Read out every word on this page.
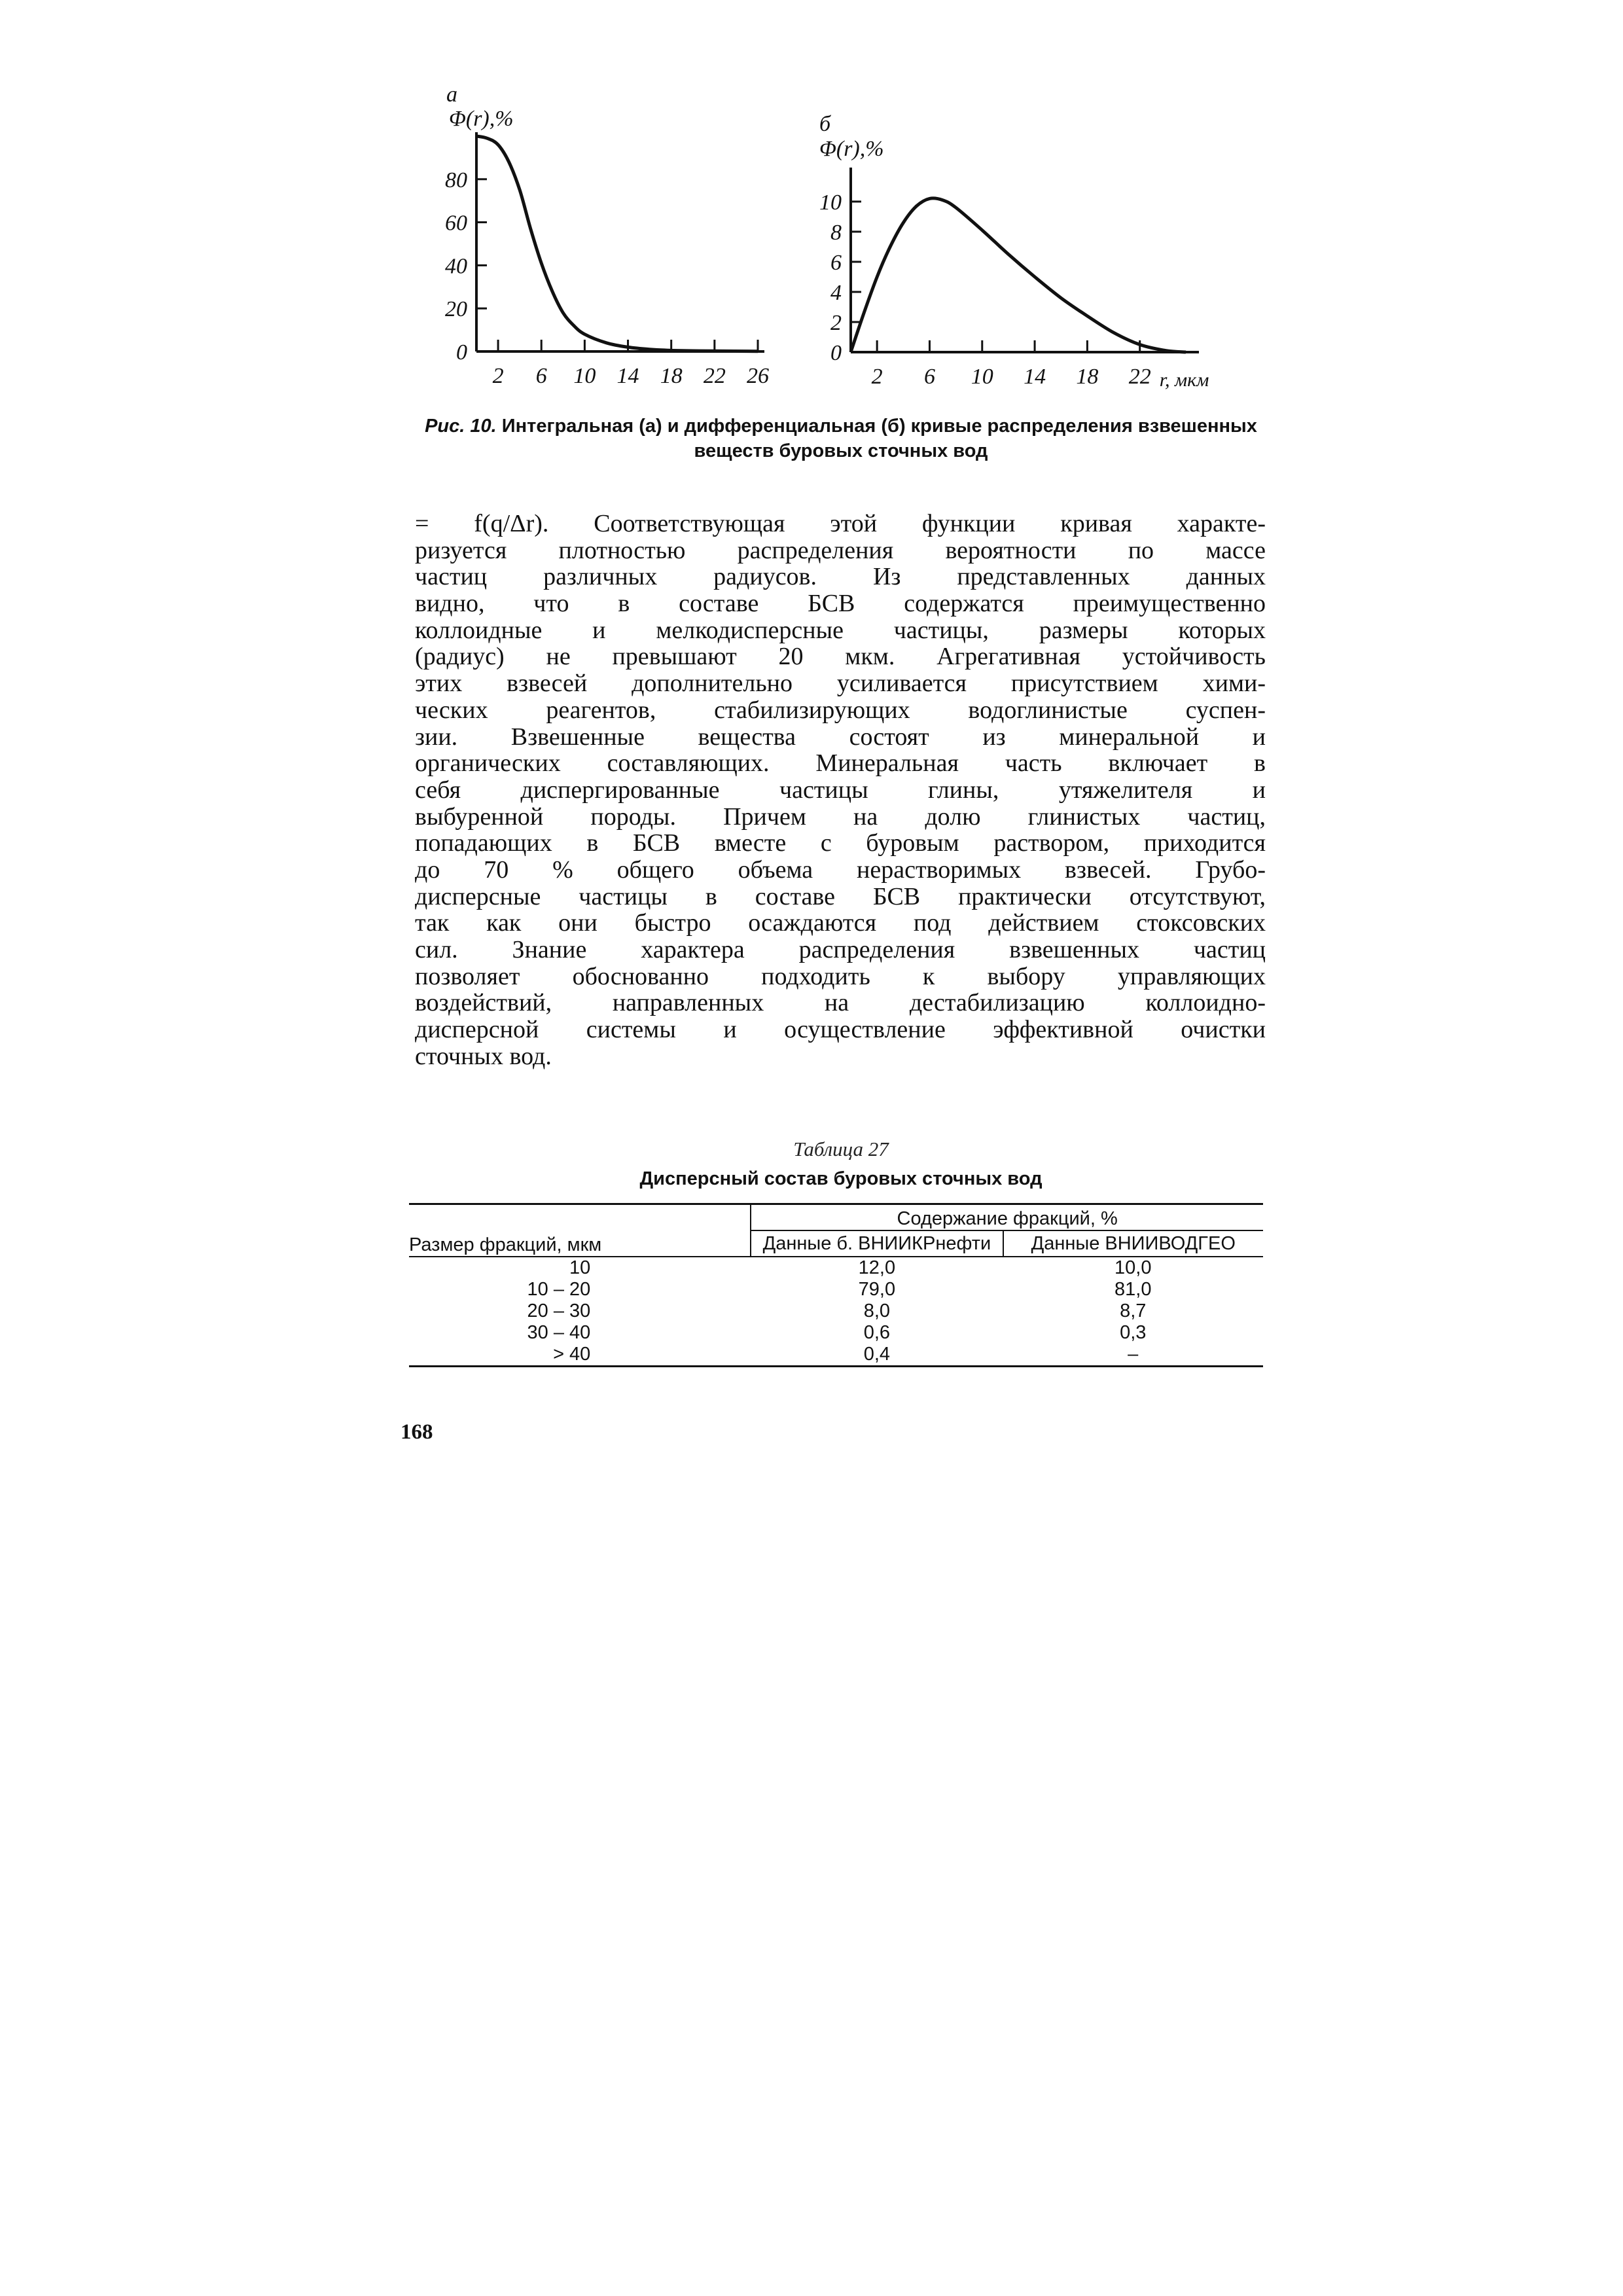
а
Φ(r),%
0
20
40
60
80
2 6 10 14 18 22 26
б
Φ(r),%
0
2
4
6
8
10
2 6 10 14 18 22 r, мкм
Рис. 10. Интегральная (а) и дифференциальная (б) кривые распределения взвешенных веществ буровых сточных вод
= f(q/Δr). Соответствующая этой функции кривая характе-
ризуется плотностью распределения вероятности по массе
частиц различных радиусов. Из представленных данных
видно, что в составе БСВ содержатся преимущественно
коллоидные и мелкодисперсные частицы, размеры которых
(радиус) не превышают 20 мкм. Агрегативная устойчивость
этих взвесей дополнительно усиливается присутствием хими-
ческих реагентов, стабилизирующих водоглинистые суспен-
зии. Взвешенные вещества состоят из минеральной и
органических составляющих. Минеральная часть включает в
себя диспергированные частицы глины, утяжелителя и
выбуренной породы. Причем на долю глинистых частиц,
попадающих в БСВ вместе с буровым раствором, приходится
до 70 % общего объема нерастворимых взвесей. Грубо-
дисперсные частицы в составе БСВ практически отсутствуют,
так как они быстро осаждаются под действием стоксовских
сил. Знание характера распределения взвешенных частиц
позволяет обоснованно подходить к выбору управляющих
воздействий, направленных на дестабилизацию коллоидно-
дисперсной системы и осуществление эффективной очистки
сточных вод.
Таблица 27
Дисперсный состав буровых сточных вод
Размер фракций, мкм	Содержание фракций, %	
	Данные б. ВНИИКРнефти	Данные ВНИИВОДГЕО
10	12,0	10,0
10 – 20	79,0	81,0
20 – 30	8,0	8,7
30 – 40	0,6	0,3
> 40	0,4	–
168
